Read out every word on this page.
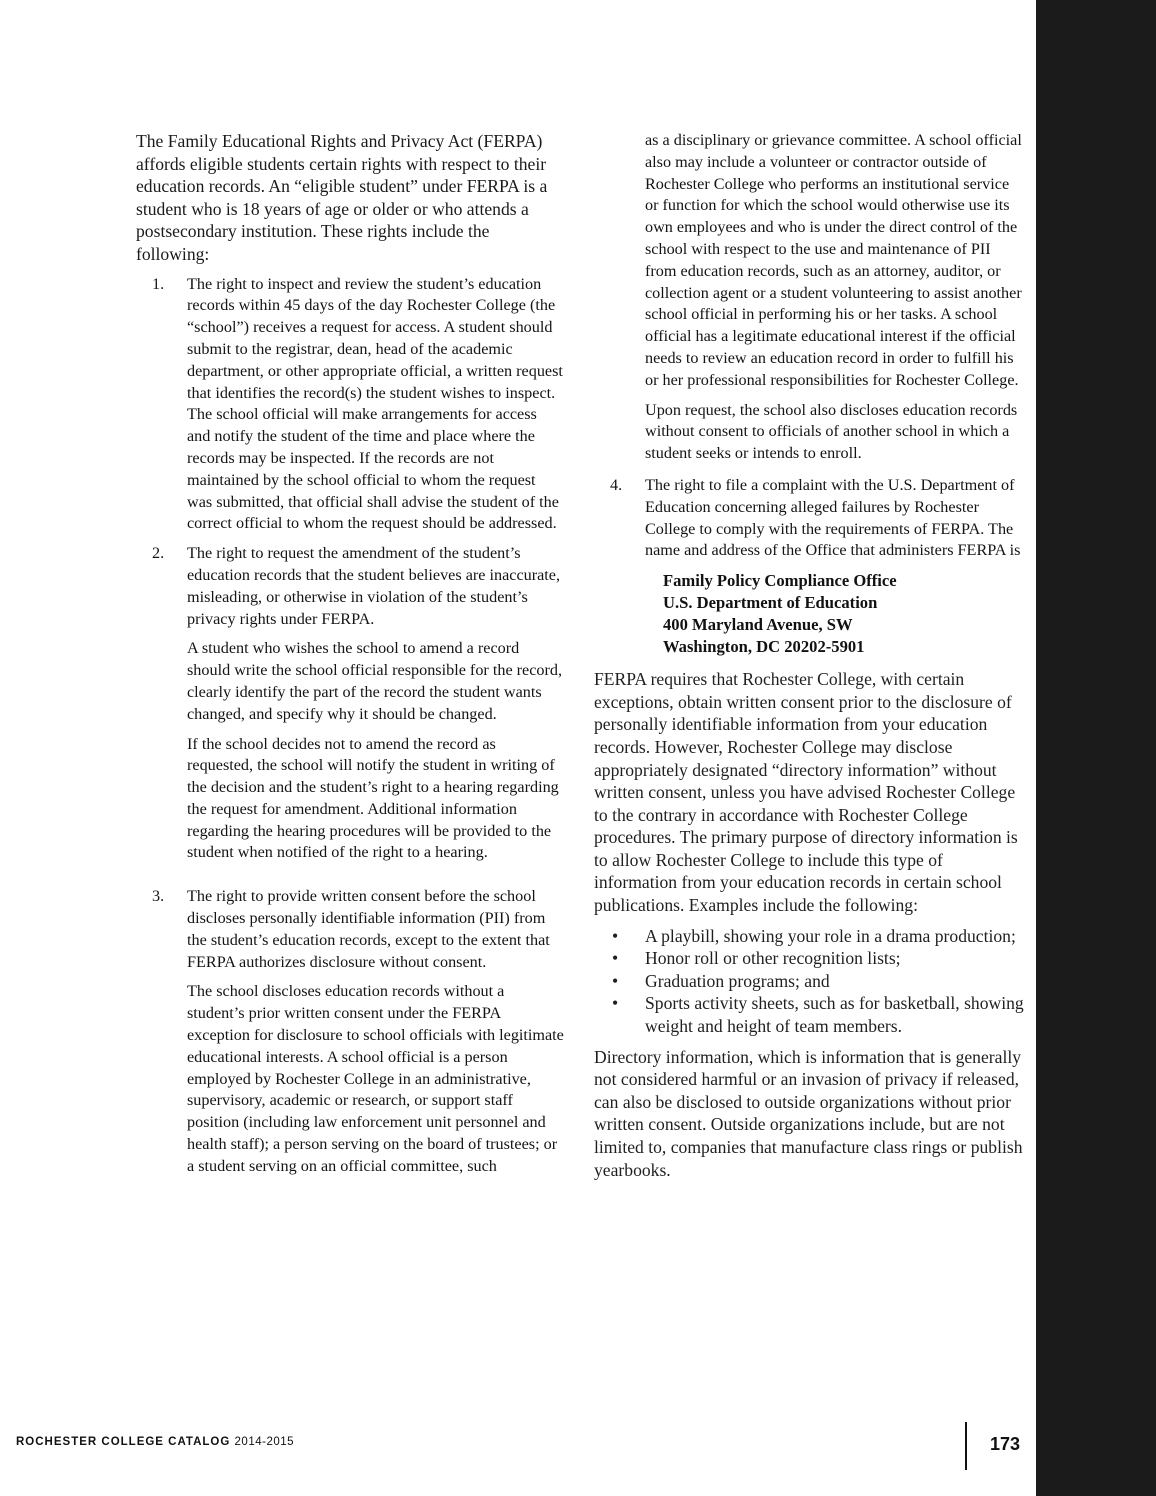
The Family Educational Rights and Privacy Act (FERPA) affords eligible students certain rights with respect to their education records. An “eligible student” under FERPA is a student who is 18 years of age or older or who attends a postsecondary institution. These rights include the following:

1. The right to inspect and review the student’s education records within 45 days of the day Rochester College (the “school”) receives a request for access. A student should submit to the registrar, dean, head of the academic department, or other appropriate official, a written request that identifies the record(s) the student wishes to inspect. The school official will make arrangements for access and notify the student of the time and place where the records may be inspected. If the records are not maintained by the school official to whom the request was submitted, that official shall advise the student of the correct official to whom the request should be addressed.

2. The right to request the amendment of the student’s education records that the student believes are inaccurate, misleading, or otherwise in violation of the student’s privacy rights under FERPA.

A student who wishes the school to amend a record should write the school official responsible for the record, clearly identify the part of the record the student wants changed, and specify why it should be changed.

If the school decides not to amend the record as requested, the school will notify the student in writing of the decision and the student’s right to a hearing regarding the request for amendment. Additional information regarding the hearing procedures will be provided to the student when notified of the right to a hearing.

3. The right to provide written consent before the school discloses personally identifiable information (PII) from the student’s education records, except to the extent that FERPA authorizes disclosure without consent.

The school discloses education records without a student’s prior written consent under the FERPA exception for disclosure to school officials with legitimate educational interests. A school official is a person employed by Rochester College in an administrative, supervisory, academic or research, or support staff position (including law enforcement unit personnel and health staff); a person serving on the board of trustees; or a student serving on an official committee, such

as a disciplinary or grievance committee. A school official also may include a volunteer or contractor outside of Rochester College who performs an institutional service or function for which the school would otherwise use its own employees and who is under the direct control of the school with respect to the use and maintenance of PII from education records, such as an attorney, auditor, or collection agent or a student volunteering to assist another school official in performing his or her tasks. A school official has a legitimate educational interest if the official needs to review an education record in order to fulfill his or her professional responsibilities for Rochester College.

Upon request, the school also discloses education records without consent to officials of another school in which a student seeks or intends to enroll.

4. The right to file a complaint with the U.S. Department of Education concerning alleged failures by Rochester College to comply with the requirements of FERPA. The name and address of the Office that administers FERPA is

Family Policy Compliance Office
U.S. Department of Education
400 Maryland Avenue, SW
Washington, DC 20202-5901

FERPA requires that Rochester College, with certain exceptions, obtain written consent prior to the disclosure of personally identifiable information from your education records. However, Rochester College may disclose appropriately designated “directory information” without written consent, unless you have advised Rochester College to the contrary in accordance with Rochester College procedures. The primary purpose of directory information is to allow Rochester College to include this type of information from your education records in certain school publications. Examples include the following:

• A playbill, showing your role in a drama production;
• Honor roll or other recognition lists;
• Graduation programs; and
• Sports activity sheets, such as for basketball, showing weight and height of team members.

Directory information, which is information that is generally not considered harmful or an invasion of privacy if released, can also be disclosed to outside organizations without prior written consent. Outside organizations include, but are not limited to, companies that manufacture class rings or publish yearbooks.

ROCHESTER COLLEGE CATALOG 2014-2015	173
